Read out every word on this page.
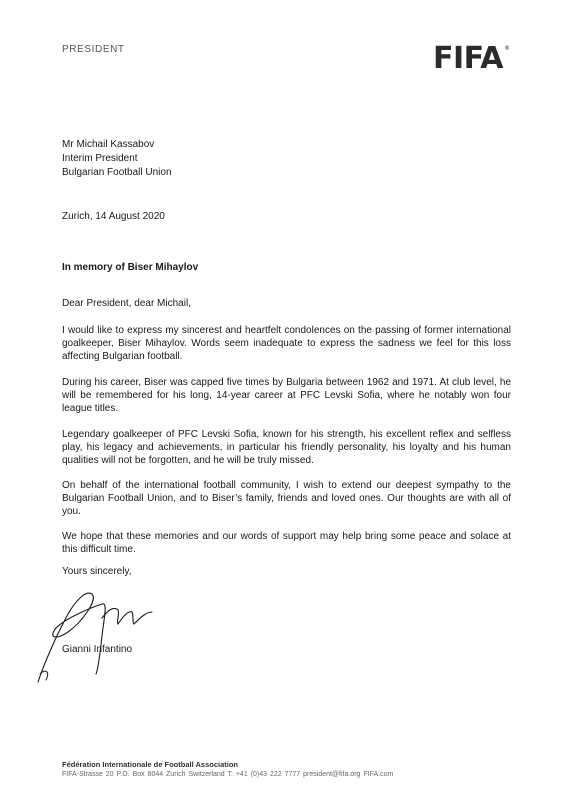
PRESIDENT	FIFA®
Mr Michail Kassabov
Interim President
Bulgarian Football Union
Zurich, 14 August 2020
In memory of Biser Mihaylov
Dear President, dear Michail,
I would like to express my sincerest and heartfelt condolences on the passing of former international goalkeeper, Biser Mihaylov. Words seem inadequate to express the sadness we feel for this loss affecting Bulgarian football.
During his career, Biser was capped five times by Bulgaria between 1962 and 1971. At club level, he will be remembered for his long, 14-year career at PFC Levski Sofia, where he notably won four league titles.
Legendary goalkeeper of PFC Levski Sofia, known for his strength, his excellent reflex and selfless play, his legacy and achievements, in particular his friendly personality, his loyalty and his human qualities will not be forgotten, and he will be truly missed.
On behalf of the international football community, I wish to extend our deepest sympathy to the Bulgarian Football Union, and to Biser’s family, friends and loved ones. Our thoughts are with all of you.
We hope that these memories and our words of support may help bring some peace and solace at this difficult time.
Yours sincerely,
Gianni Infantino
Fédération Internationale de Football Association
FIFA-Strasse 20 P.O. Box 8044 Zurich Switzerland T: +41 (0)43 222 7777 president@fifa.org FIFA.com
